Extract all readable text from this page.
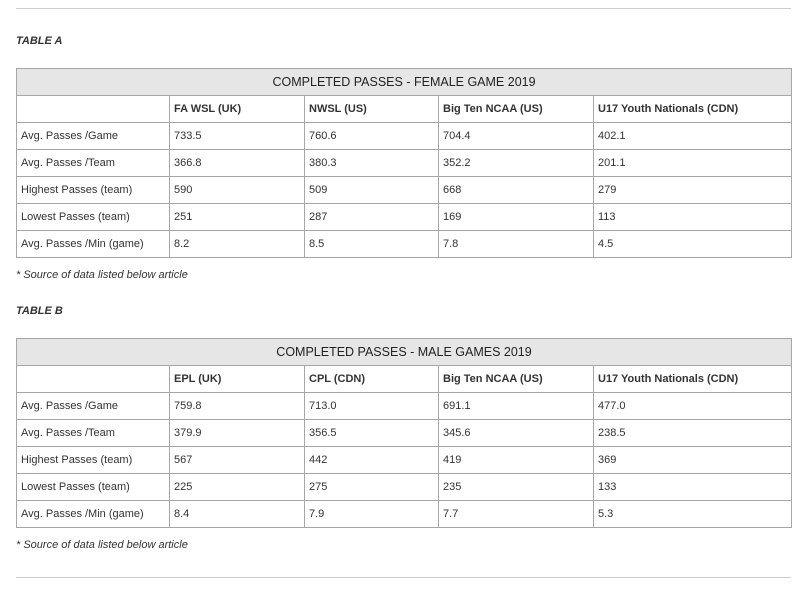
TABLE A
COMPLETED PASSES - FEMALE GAME 2019				
	FA WSL (UK)	NWSL (US)	Big Ten NCAA (US)	U17 Youth Nationals (CDN)
Avg. Passes /Game	733.5	760.6	704.4	402.1
Avg. Passes /Team	366.8	380.3	352.2	201.1
Highest Passes (team)	590	509	668	279
Lowest Passes (team)	251	287	169	113
Avg. Passes /Min (game)	8.2	8.5	7.8	4.5
* Source of data listed below article
TABLE B
COMPLETED PASSES - MALE GAMES 2019				
	EPL (UK)	CPL (CDN)	Big Ten NCAA (US)	U17 Youth Nationals (CDN)
Avg. Passes /Game	759.8	713.0	691.1	477.0
Avg. Passes /Team	379.9	356.5	345.6	238.5
Highest Passes (team)	567	442	419	369
Lowest Passes (team)	225	275	235	133
Avg. Passes /Min (game)	8.4	7.9	7.7	5.3
* Source of data listed below article
